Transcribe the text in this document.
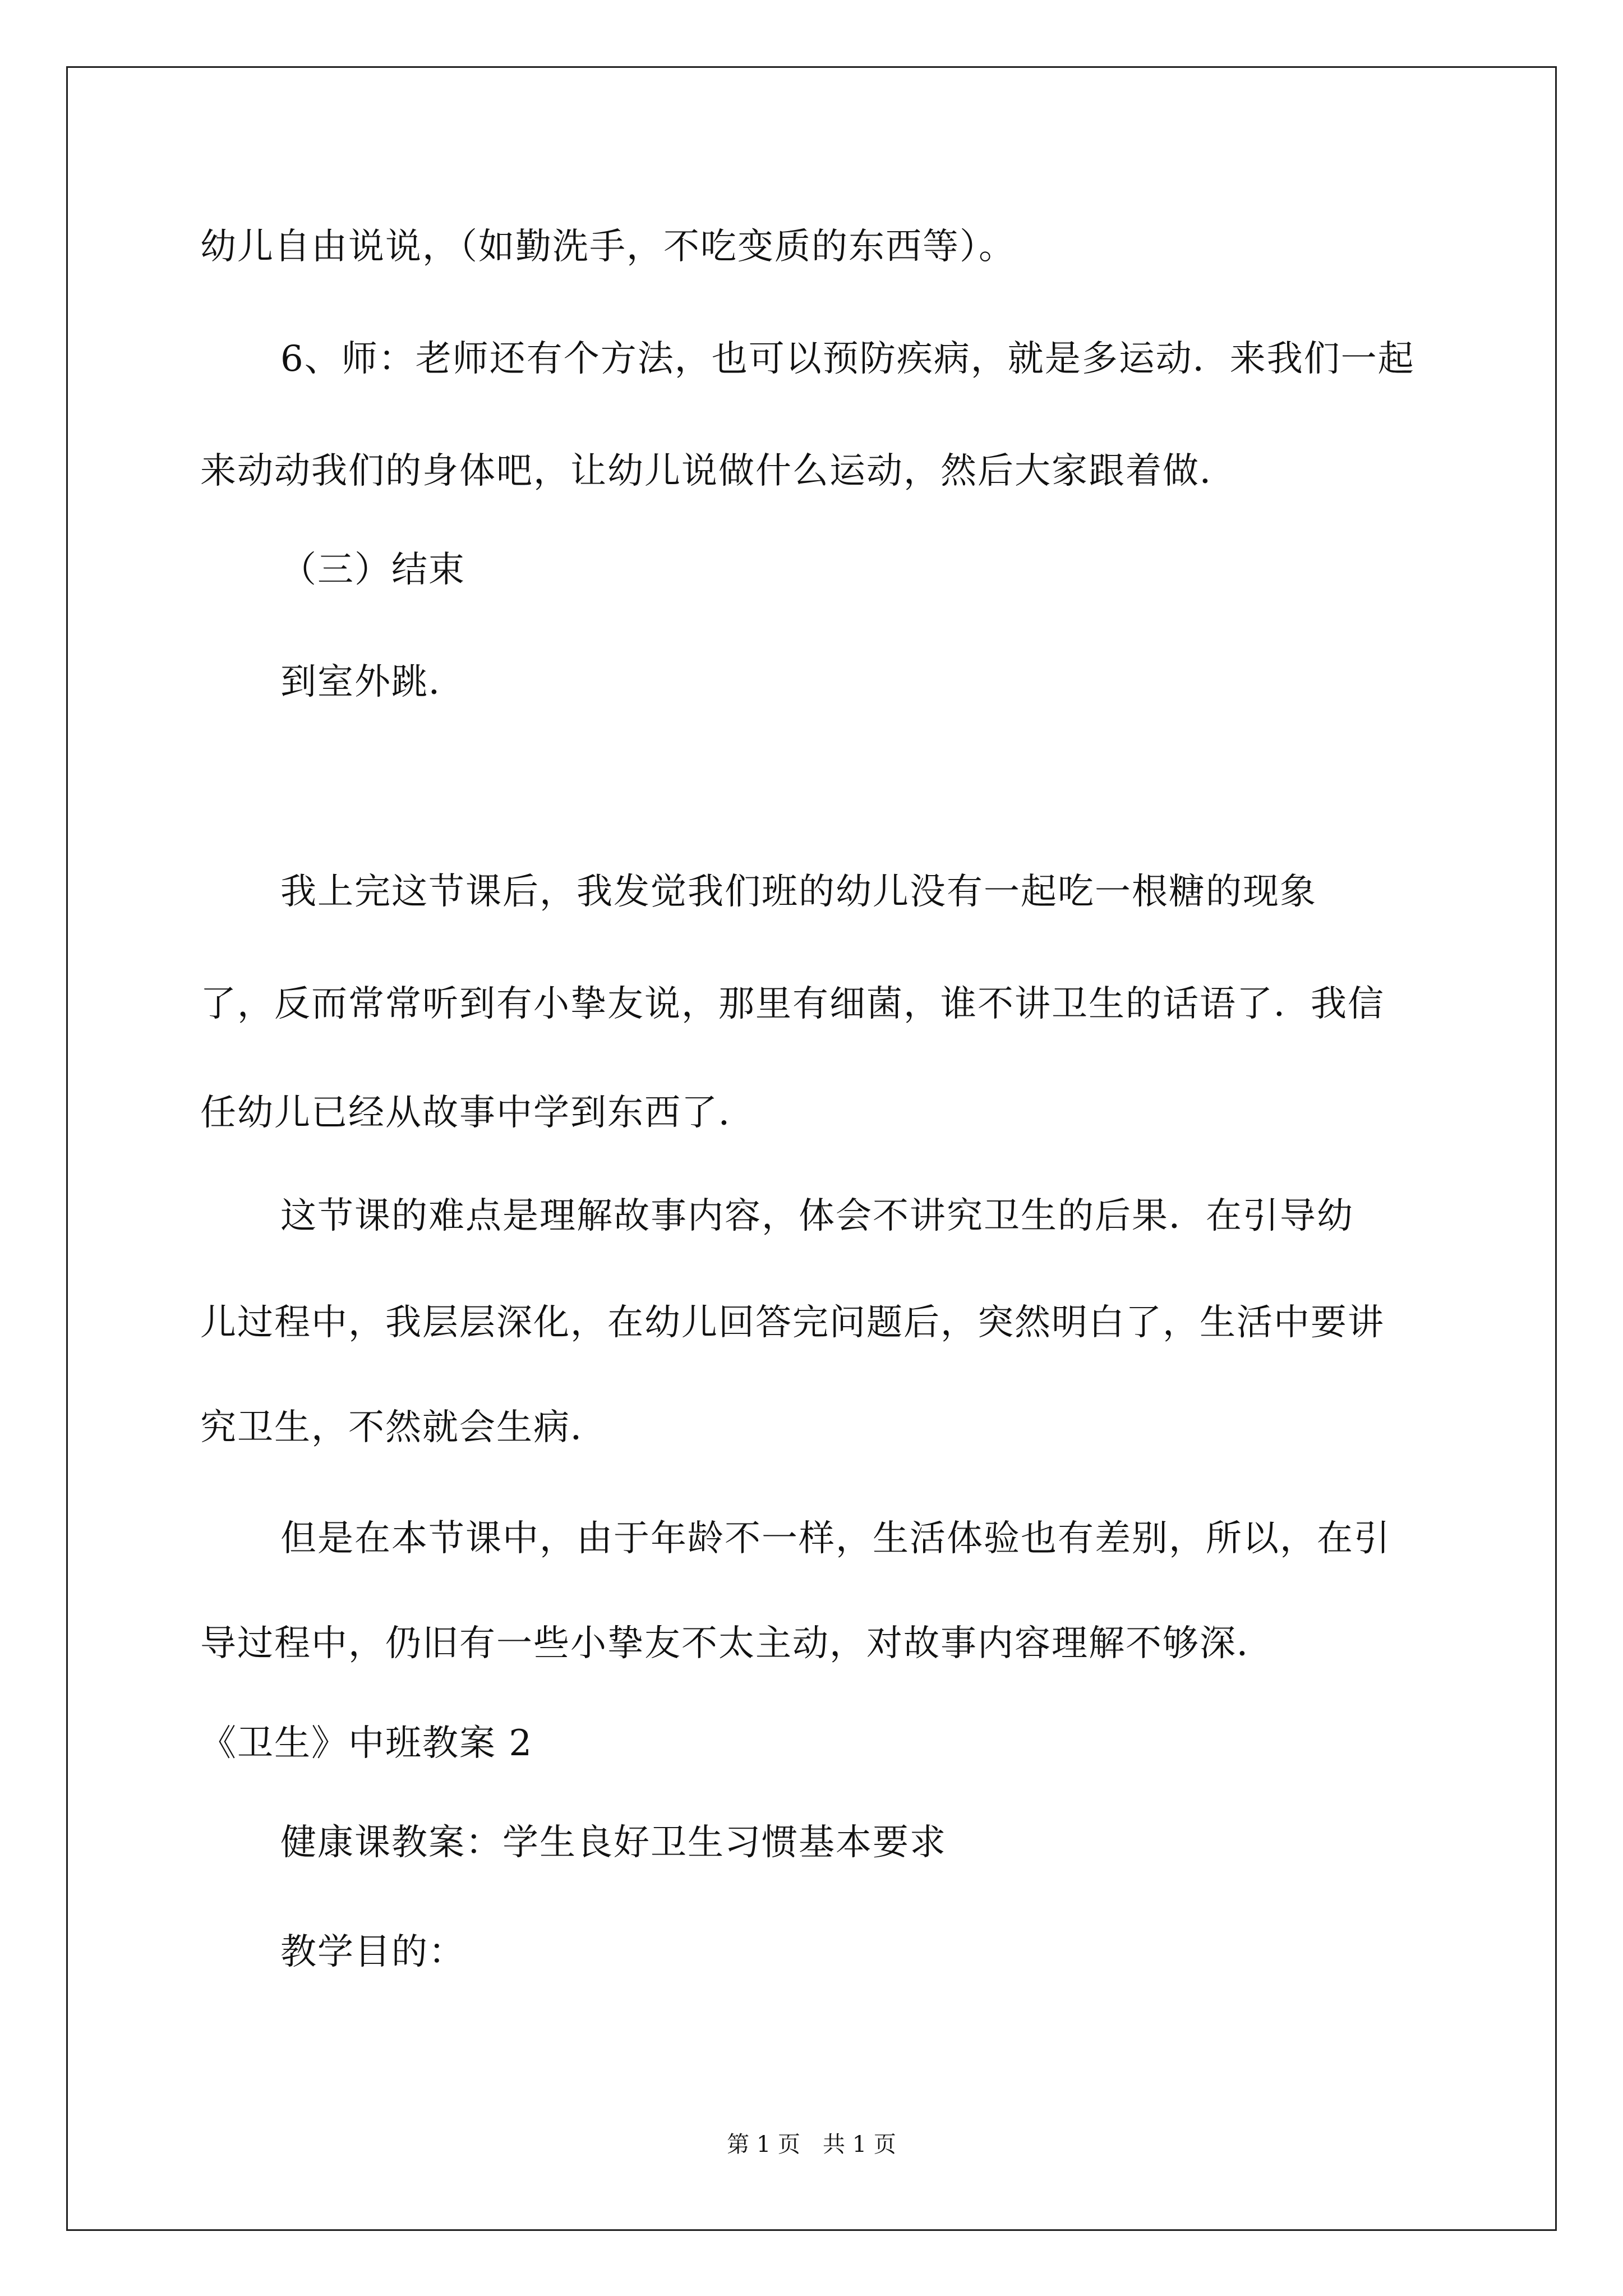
幼儿自由说说，（如勤洗手，不吃变质的东西等）。
6、师：老师还有个方法，也可以预防疾病，就是多运动．来我们一起
来动动我们的身体吧，让幼儿说做什么运动，然后大家跟着做．
（三）结束
到室外跳．
我上完这节课后，我发觉我们班的幼儿没有一起吃一根糖的现象
了，反而常常听到有小挚友说，那里有细菌，谁不讲卫生的话语了．我信
任幼儿已经从故事中学到东西了．
这节课的难点是理解故事内容，体会不讲究卫生的后果．在引导幼
儿过程中，我层层深化，在幼儿回答完问题后，突然明白了，生活中要讲
究卫生，不然就会生病．
但是在本节课中，由于年龄不一样，生活体验也有差别，所以，在引
导过程中，仍旧有一些小挚友不太主动，对故事内容理解不够深．
《卫生》中班教案 2
健康课教案：学生良好卫生习惯基本要求
教学目的：
第 1 页　共 1 页
